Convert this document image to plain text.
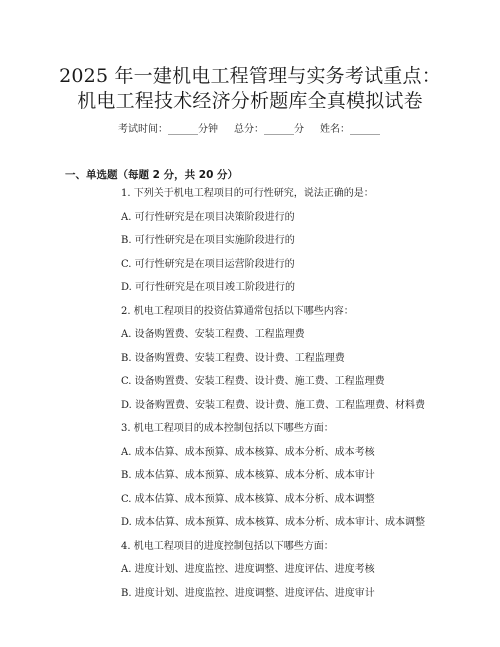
2025 年一建机电工程管理与实务考试重点：
机电工程技术经济分析题库全真模拟试卷
考试时间：______分钟 总分：______分 姓名：______
一、单选题（每题 2 分，共 20 分）
1. 下列关于机电工程项目的可行性研究，说法正确的是：
A. 可行性研究是在项目决策阶段进行的
B. 可行性研究是在项目实施阶段进行的
C. 可行性研究是在项目运营阶段进行的
D. 可行性研究是在项目竣工阶段进行的
2. 机电工程项目的投资估算通常包括以下哪些内容：
A. 设备购置费、安装工程费、工程监理费
B. 设备购置费、安装工程费、设计费、工程监理费
C. 设备购置费、安装工程费、设计费、施工费、工程监理费
D. 设备购置费、安装工程费、设计费、施工费、工程监理费、材料费
3. 机电工程项目的成本控制包括以下哪些方面：
A. 成本估算、成本预算、成本核算、成本分析、成本考核
B. 成本估算、成本预算、成本核算、成本分析、成本审计
C. 成本估算、成本预算、成本核算、成本分析、成本调整
D. 成本估算、成本预算、成本核算、成本分析、成本审计、成本调整
4. 机电工程项目的进度控制包括以下哪些方面：
A. 进度计划、进度监控、进度调整、进度评估、进度考核
B. 进度计划、进度监控、进度调整、进度评估、进度审计
